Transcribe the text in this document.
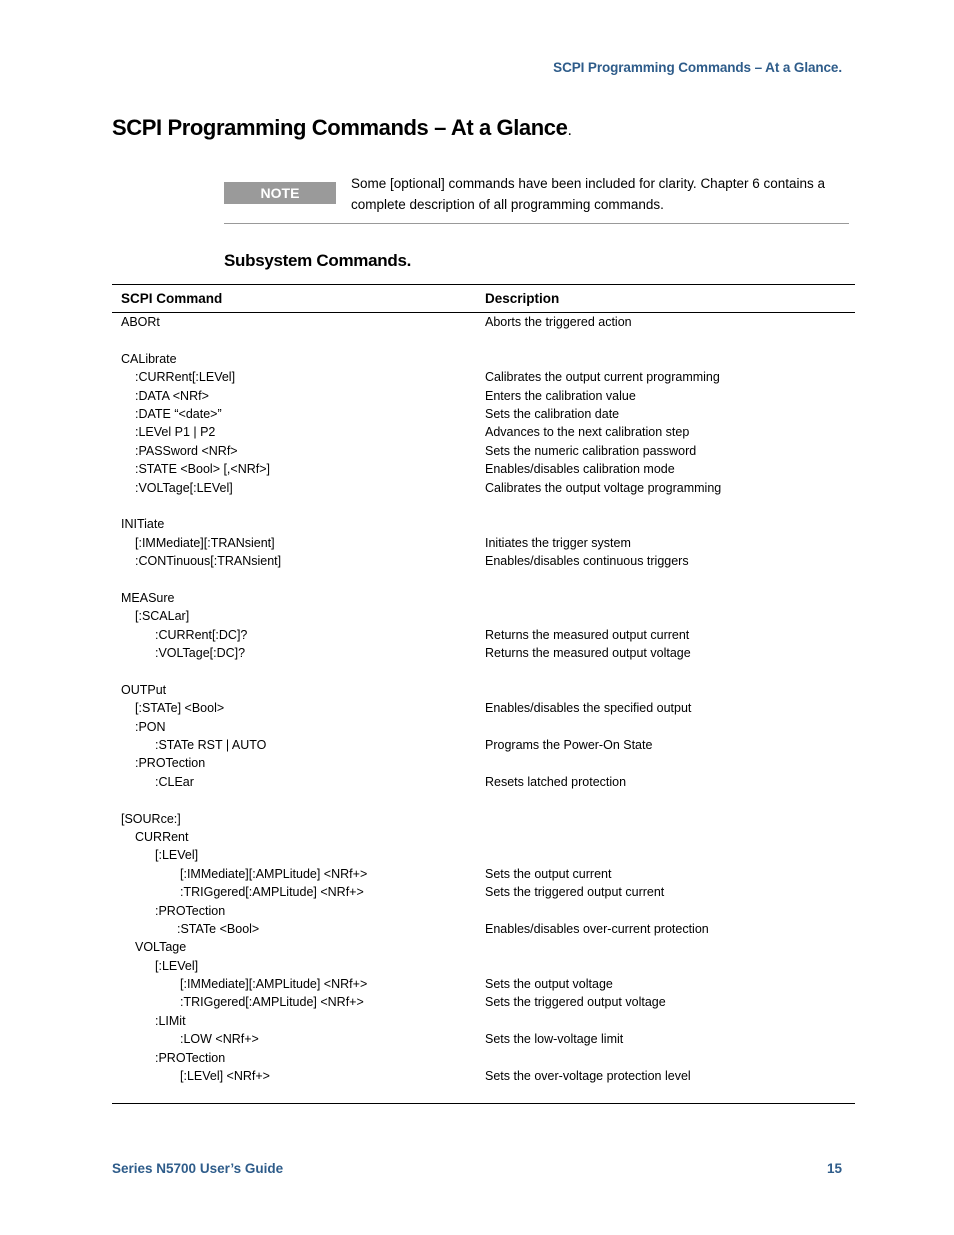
SCPI Programming Commands – At a Glance.
SCPI Programming Commands – At a Glance.
NOTE
Some [optional] commands have been included for clarity. Chapter 6 contains a complete description of all programming commands.
Subsystem Commands.
SCPI Command	Description
ABORt	Aborts the triggered action
CALibrate
:CURRent[:LEVel]	Calibrates the output current programming
:DATA <NRf>	Enters the calibration value
:DATE “<date>”	Sets the calibration date
:LEVel P1 | P2	Advances to the next calibration step
:PASSword <NRf>	Sets the numeric calibration password
:STATE <Bool> [,<NRf>]	Enables/disables calibration mode
:VOLTage[:LEVel]	Calibrates the output voltage programming
INITiate
[:IMMediate][:TRANsient]	Initiates the trigger system
:CONTinuous[:TRANsient]	Enables/disables continuous triggers
MEASure
[:SCALar]
:CURRent[:DC]?	Returns the measured output current
:VOLTage[:DC]?	Returns the measured output voltage
OUTPut
[:STATe] <Bool>	Enables/disables the specified output
:PON
:STATe RST | AUTO	Programs the Power-On State
:PROTection
:CLEar	Resets latched protection
[SOURce:]
CURRent
[:LEVel]
[:IMMediate][:AMPLitude] <NRf+>	Sets the output current
:TRIGgered[:AMPLitude] <NRf+>	Sets the triggered output current
:PROTection
:STATe <Bool>	Enables/disables over-current protection
VOLTage
[:LEVel]
[:IMMediate][:AMPLitude] <NRf+>	Sets the output voltage
:TRIGgered[:AMPLitude] <NRf+>	Sets the triggered output voltage
:LIMit
:LOW <NRf+>	Sets the low-voltage limit
:PROTection
[:LEVel] <NRf+>	Sets the over-voltage protection level
Series N5700 User’s Guide	15
